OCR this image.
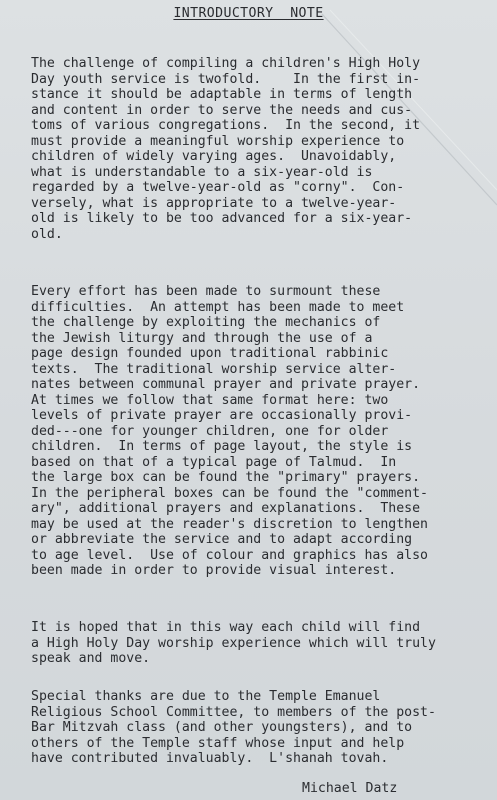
INTRODUCTORY  NOTE

The challenge of compiling a children's High Holy
Day youth service is twofold.    In the first in-
stance it should be adaptable in terms of length
and content in order to serve the needs and cus-
toms of various congregations.  In the second, it
must provide a meaningful worship experience to
children of widely varying ages.  Unavoidably,
what is understandable to a six-year-old is
regarded by a twelve-year-old as "corny".  Con-
versely, what is appropriate to a twelve-year-
old is likely to be too advanced for a six-year-
old.

Every effort has been made to surmount these
difficulties.  An attempt has been made to meet
the challenge by exploiting the mechanics of
the Jewish liturgy and through the use of a
page design founded upon traditional rabbinic
texts.  The traditional worship service alter-
nates between communal prayer and private prayer.
At times we follow that same format here: two
levels of private prayer are occasionally provi-
ded---one for younger children, one for older
children.  In terms of page layout, the style is
based on that of a typical page of Talmud.  In
the large box can be found the "primary" prayers.
In the peripheral boxes can be found the "comment-
ary", additional prayers and explanations.  These
may be used at the reader's discretion to lengthen
or abbreviate the service and to adapt according
to age level.  Use of colour and graphics has also
been made in order to provide visual interest.

It is hoped that in this way each child will find
a High Holy Day worship experience which will truly
speak and move.

Special thanks are due to the Temple Emanuel
Religious School Committee, to members of the post-
Bar Mitzvah class (and other youngsters), and to
others of the Temple staff whose input and help
have contributed invaluably.  L'shanah tovah.

Michael Datz
